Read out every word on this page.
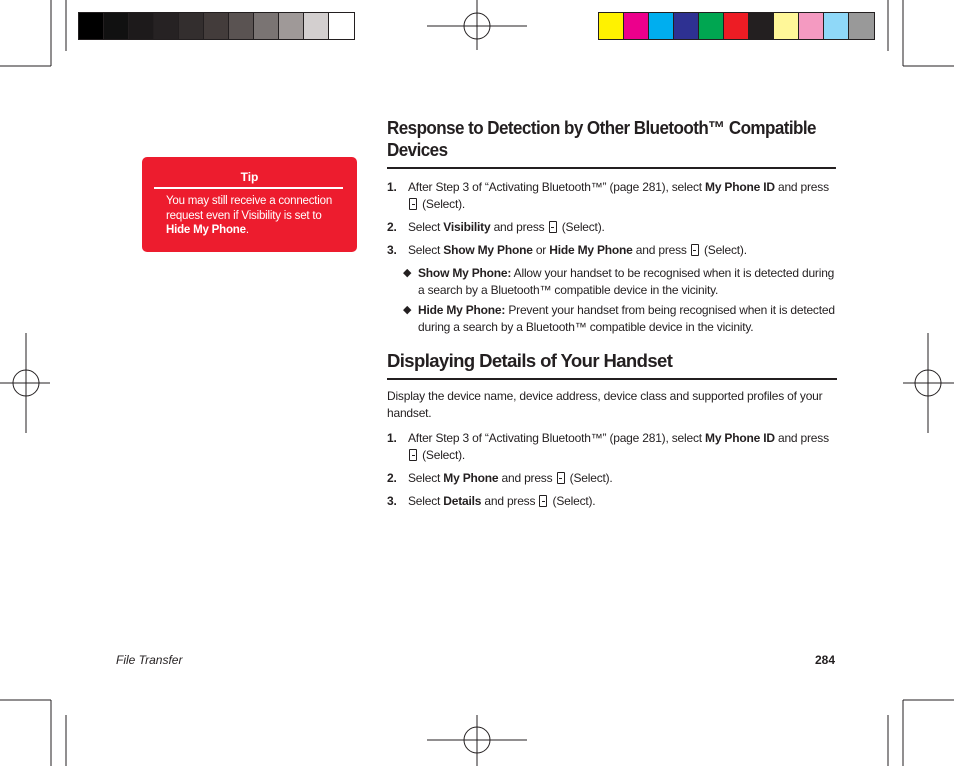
Tip
You may still receive a connection request even if Visibility is set to Hide My Phone.
Response to Detection by Other Bluetooth™ Compatible Devices
1. After Step 3 of “Activating Bluetooth™” (page 281), select My Phone ID and press
(Select).
2. Select Visibility and press  (Select).
3. Select Show My Phone or Hide My Phone and press  (Select).
◆ Show My Phone: Allow your handset to be recognised when it is detected during a search by a Bluetooth™ compatible device in the vicinity.
◆ Hide My Phone: Prevent your handset from being recognised when it is detected during a search by a Bluetooth™ compatible device in the vicinity.
Displaying Details of Your Handset
Display the device name, device address, device class and supported profiles of your handset.
1. After Step 3 of “Activating Bluetooth™” (page 281), select My Phone ID and press
(Select).
2. Select My Phone and press  (Select).
3. Select Details and press  (Select).
File Transfer	284
